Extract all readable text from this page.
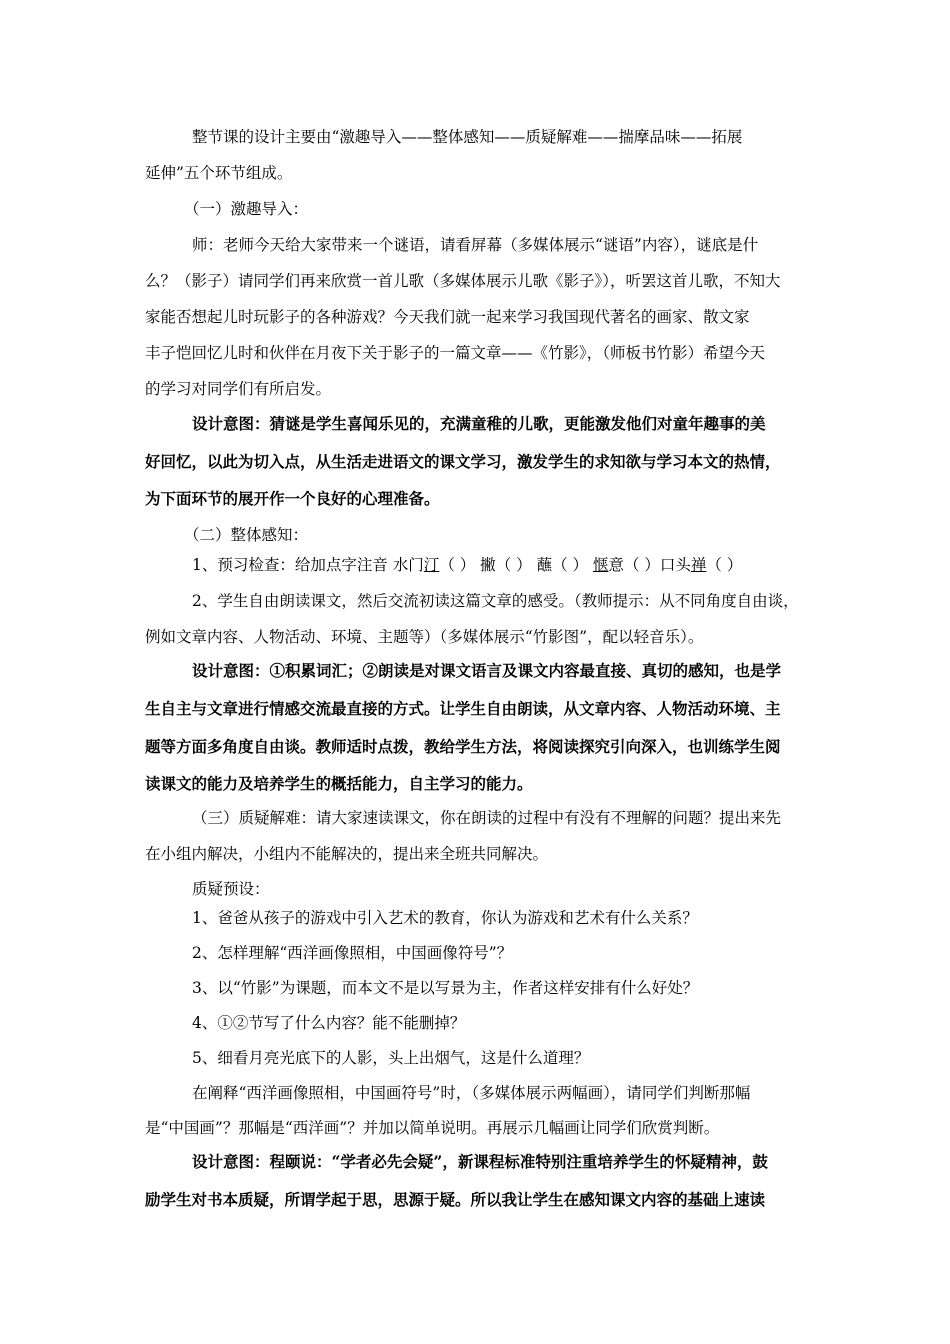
整节课的设计主要由“激趣导入——整体感知——质疑解难——揣摩品味——拓展
延伸”五个环节组成。
（一）激趣导入：
师：老师今天给大家带来一个谜语，请看屏幕（多媒体展示“谜语”内容），谜底是什
么？（影子）请同学们再来欣赏一首儿歌（多媒体展示儿歌《影子》），听罢这首儿歌，不知大
家能否想起儿时玩影子的各种游戏？今天我们就一起来学习我国现代著名的画家、散文家
丰子恺回忆儿时和伙伴在月夜下关于影子的一篇文章——《竹影》，（师板书竹影）希望今天
的学习对同学们有所启发。
设计意图：猜谜是学生喜闻乐见的，充满童稚的儿歌，更能激发他们对童年趣事的美
好回忆，以此为切入点，从生活走进语文的课文学习，激发学生的求知欲与学习本文的热情，
为下面环节的展开作一个良好的心理准备。
（二）整体感知：
1、预习检查：给加点字注音 水门汀（ ） 撇（ ） 蘸（ ） 惬意（ ）口头禅（ ）
2、学生自由朗读课文，然后交流初读这篇文章的感受。（教师提示：从不同角度自由谈，
例如文章内容、人物活动、环境、主题等）（多媒体展示“竹影图”，配以轻音乐）。
设计意图：①积累词汇；②朗读是对课文语言及课文内容最直接、真切的感知，也是学
生自主与文章进行情感交流最直接的方式。让学生自由朗读，从文章内容、人物活动环境、主
题等方面多角度自由谈。教师适时点拨，教给学生方法，将阅读探究引向深入，也训练学生阅
读课文的能力及培养学生的概括能力，自主学习的能力。
（三）质疑解难：请大家速读课文，你在朗读的过程中有没有不理解的问题？提出来先
在小组内解决，小组内不能解决的，提出来全班共同解决。
质疑预设：
1、爸爸从孩子的游戏中引入艺术的教育，你认为游戏和艺术有什么关系？
2、怎样理解“西洋画像照相，中国画像符号”？
3、以“竹影”为课题，而本文不是以写景为主，作者这样安排有什么好处？
4、①②节写了什么内容？能不能删掉？
5、细看月亮光底下的人影，头上出烟气，这是什么道理？
在阐释“西洋画像照相，中国画符号”时，（多媒体展示两幅画），请同学们判断那幅
是“中国画”？那幅是“西洋画”？并加以简单说明。再展示几幅画让同学们欣赏判断。
设计意图：程颐说：“学者必先会疑”，新课程标准特别注重培养学生的怀疑精神，鼓
励学生对书本质疑，所谓学起于思，思源于疑。所以我让学生在感知课文内容的基础上速读
